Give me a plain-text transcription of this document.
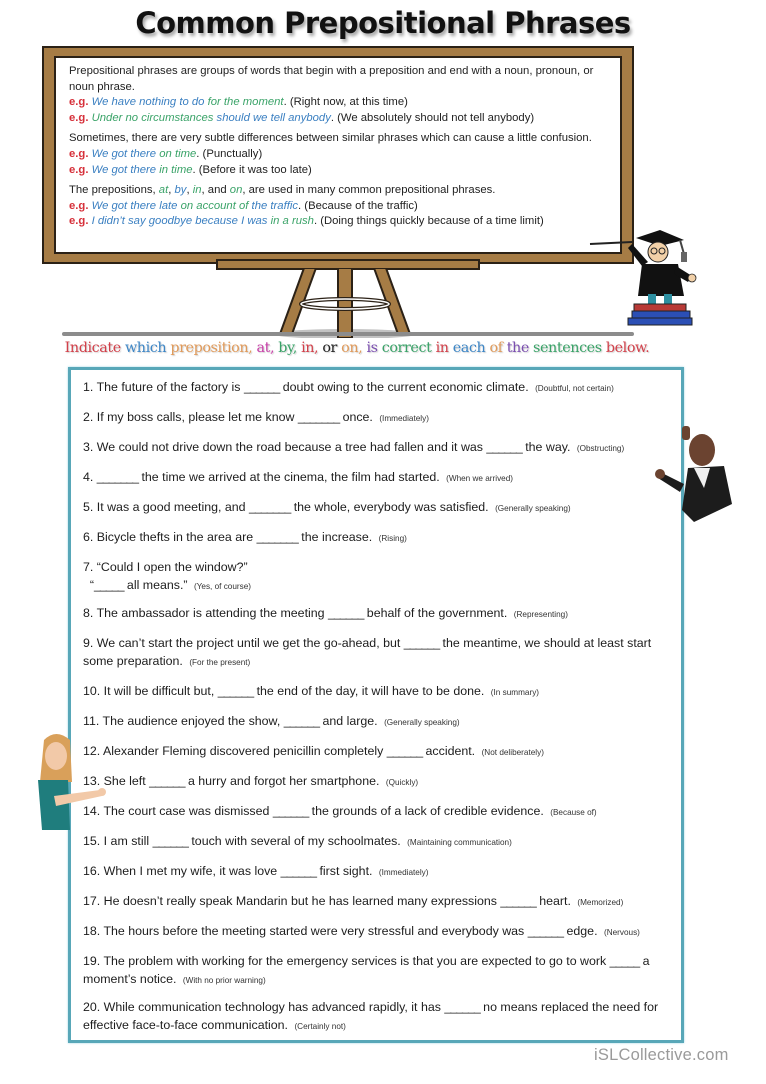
Common Prepositional Phrases
Prepositional phrases are groups of words that begin with a preposition and end with a noun, pronoun, or noun phrase.
e.g. We have nothing to do for the moment. (Right now, at this time)
e.g. Under no circumstances should we tell anybody. (We absolutely should not tell anybody)
Sometimes, there are very subtle differences between similar phrases which can cause a little confusion.
e.g. We got there on time. (Punctually)
e.g. We got there in time. (Before it was too late)
The prepositions, at, by, in, and on, are used in many common prepositional phrases.
e.g. We got there late on account of the traffic. (Because of the traffic)
e.g. I didn’t say goodbye because I was in a rush. (Doing things quickly because of a time limit)
Indicate which preposition, at, by, in, or on, is correct in each of the sentences below.
1. The future of the factory is ______ doubt owing to the current economic climate. (Doubtful, not certain)
2. If my boss calls, please let me know _______ once. (Immediately)
3. We could not drive down the road because a tree had fallen and it was ______ the way. (Obstructing)
4. _______ the time we arrived at the cinema, the film had started. (When we arrived)
5. It was a good meeting, and _______ the whole, everybody was satisfied. (Generally speaking)
6. Bicycle thefts in the area are _______ the increase. (Rising)
7. “Could I open the window?”
“_____ all means.” (Yes, of course)
8. The ambassador is attending the meeting ______ behalf of the government. (Representing)
9. We can’t start the project until we get the go-ahead, but ______ the meantime, we should at least start some preparation. (For the present)
10. It will be difficult but, ______ the end of the day, it will have to be done. (In summary)
11. The audience enjoyed the show, ______ and large. (Generally speaking)
12. Alexander Fleming discovered penicillin completely ______ accident. (Not deliberately)
13. She left ______ a hurry and forgot her smartphone. (Quickly)
14. The court case was dismissed ______ the grounds of a lack of credible evidence. (Because of)
15. I am still ______ touch with several of my schoolmates. (Maintaining communication)
16. When I met my wife, it was love ______ first sight. (Immediately)
17. He doesn’t really speak Mandarin but he has learned many expressions ______ heart. (Memorized)
18. The hours before the meeting started were very stressful and everybody was ______ edge. (Nervous)
19. The problem with working for the emergency services is that you are expected to go to work _____ a moment’s notice. (With no prior warning)
20. While communication technology has advanced rapidly, it has ______ no means replaced the need for effective face-to-face communication. (Certainly not)
iSLCollective.com
